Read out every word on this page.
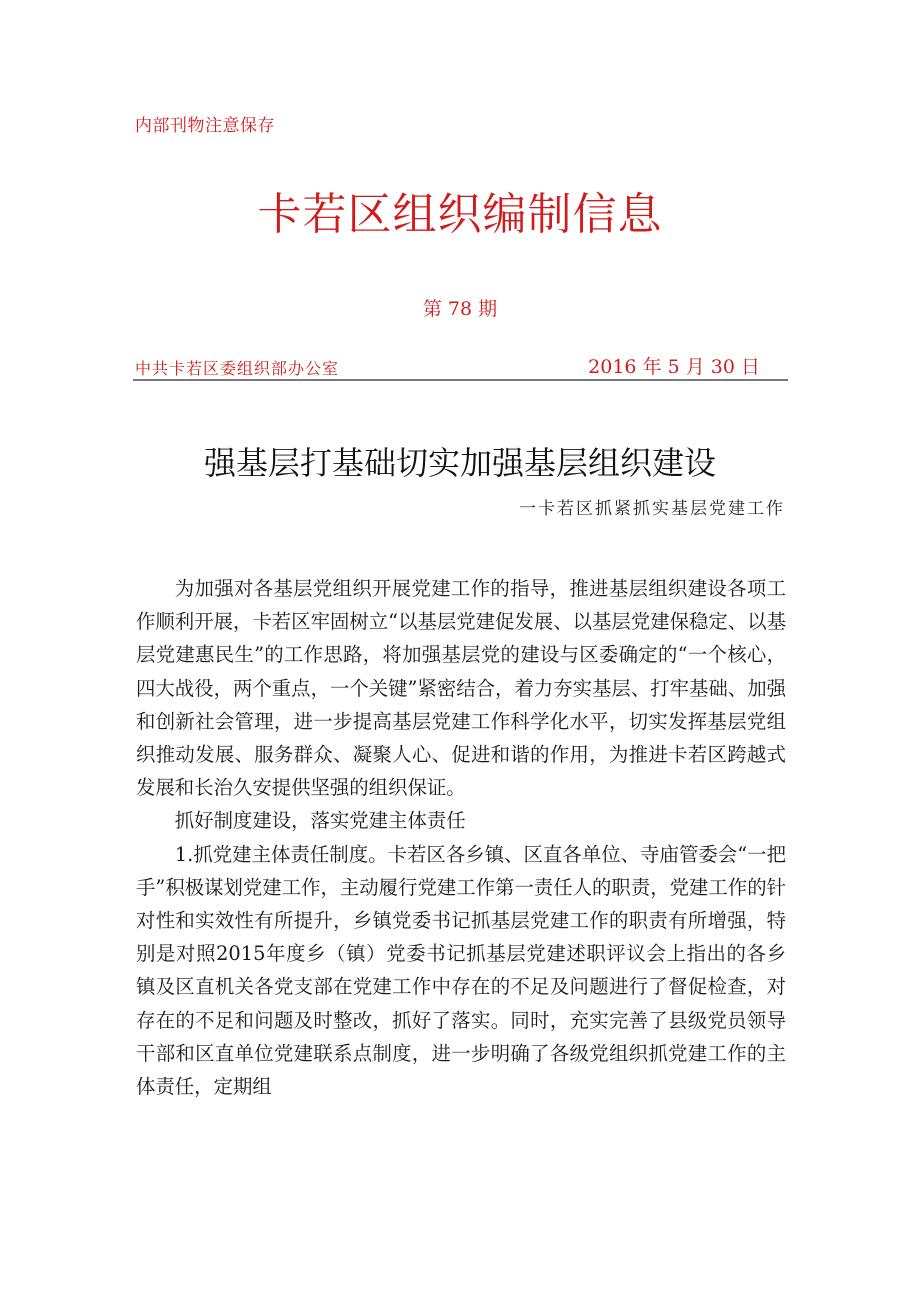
内部刊物注意保存
卡若区组织编制信息
第 78 期
中共卡若区委组织部办公室	2016 年 5 月 30 日
强基层打基础切实加强基层组织建设
一卡若区抓紧抓实基层党建工作

为加强对各基层党组织开展党建工作的指导，推进基层组织建设各项工作顺利开展，卡若区牢固树立“以基层党建促发展、以基层党建保稳定、以基层党建惠民生”的工作思路，将加强基层党的建设与区委确定的“一个核心，四大战役，两个重点，一个关键”紧密结合，着力夯实基层、打牢基础、加强和创新社会管理，进一步提高基层党建工作科学化水平，切实发挥基层党组织推动发展、服务群众、凝聚人心、促进和谐的作用，为推进卡若区跨越式发展和长治久安提供坚强的组织保证。

抓好制度建设，落实党建主体责任

1.抓党建主体责任制度。卡若区各乡镇、区直各单位、寺庙管委会“一把手”积极谋划党建工作，主动履行党建工作第一责任人的职责，党建工作的针对性和实效性有所提升，乡镇党委书记抓基层党建工作的职责有所增强，特别是对照2015年度乡（镇）党委书记抓基层党建述职评议会上指出的各乡镇及区直机关各党支部在党建工作中存在的不足及问题进行了督促检查，对存在的不足和问题及时整改，抓好了落实。同时，充实完善了县级党员领导干部和区直单位党建联系点制度，进一步明确了各级党组织抓党建工作的主体责任，定期组
